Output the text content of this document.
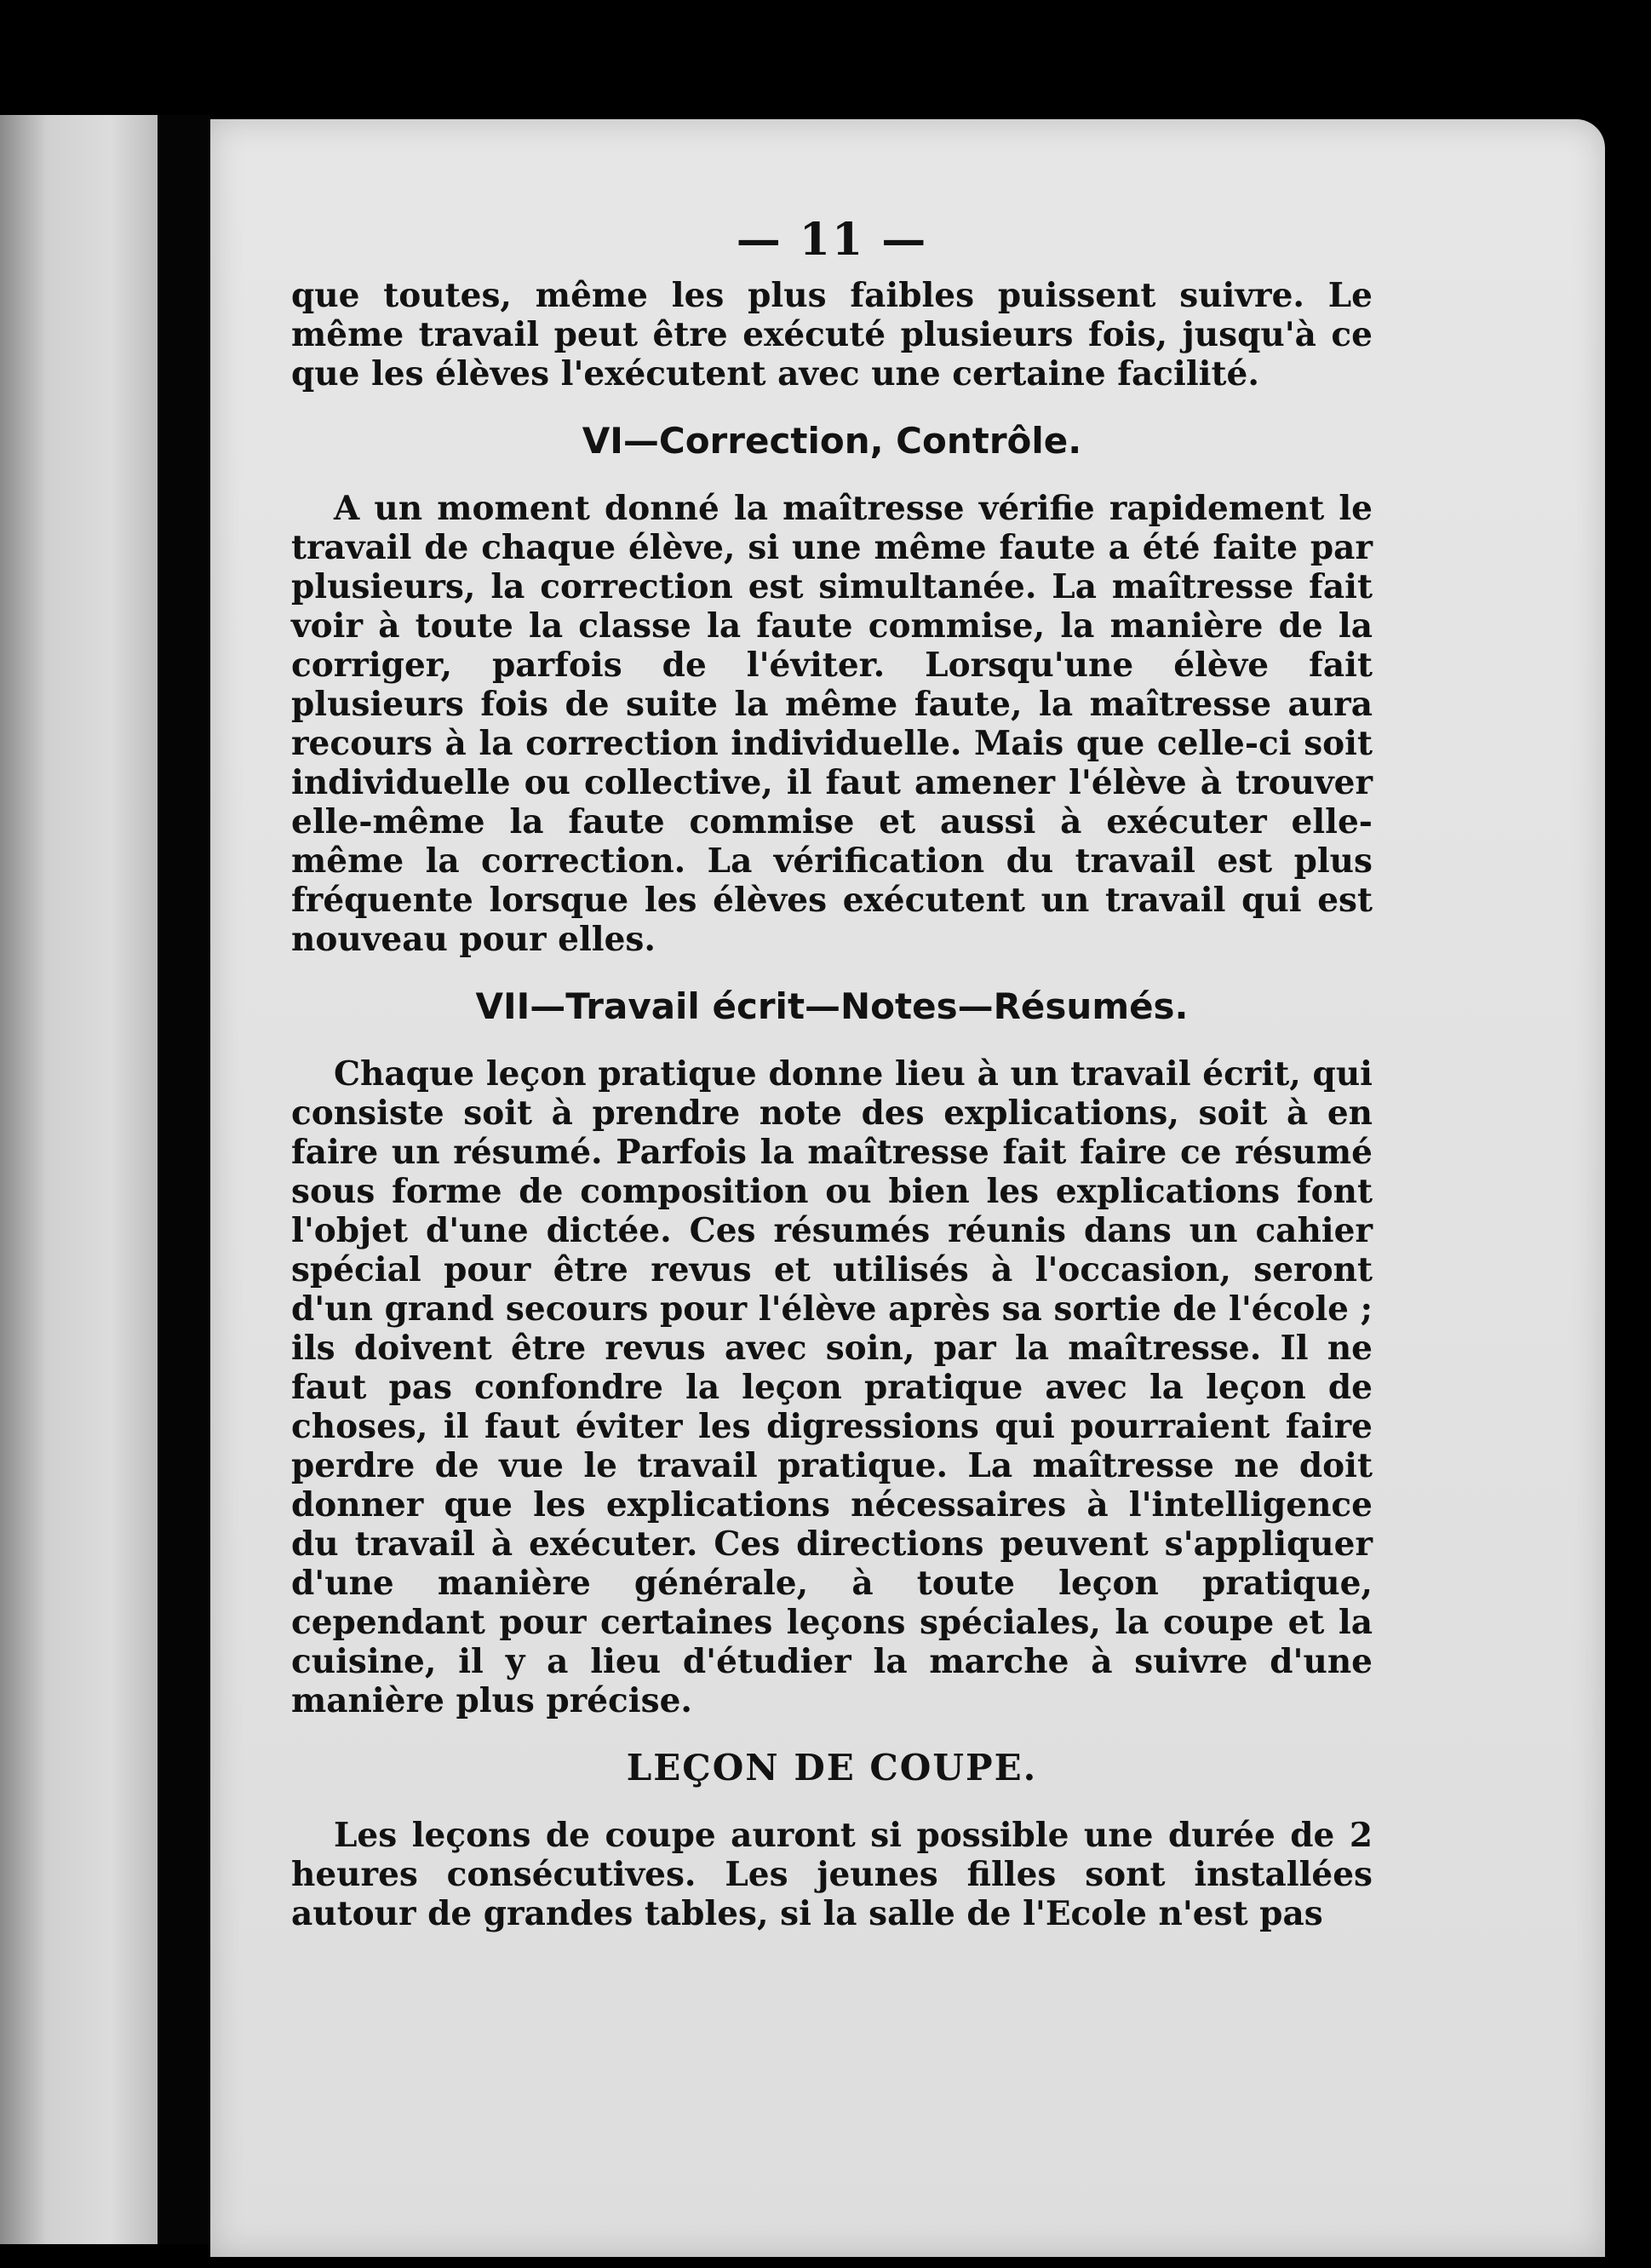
— 11 —

que toutes, même les plus faibles puissent suivre. Le même travail peut être exécuté plusieurs fois, jusqu'à ce que les élèves l'exécutent avec une certaine facilité.

VI—Correction, Contrôle.

A un moment donné la maîtresse vérifie rapidement le travail de chaque élève, si une même faute a été faite par plusieurs, la correction est simultanée. La maîtresse fait voir à toute la classe la faute commise, la manière de la corriger, parfois de l'éviter. Lorsqu'une élève fait plusieurs fois de suite la même faute, la maîtresse aura recours à la correction individuelle. Mais que celle-ci soit individuelle ou collective, il faut amener l'élève à trouver elle-même la faute commise et aussi à exécuter elle-même la correction. La vérification du travail est plus fréquente lorsque les élèves exécutent un travail qui est nouveau pour elles.

VII—Travail écrit—Notes—Résumés.

Chaque leçon pratique donne lieu à un travail écrit, qui consiste soit à prendre note des explications, soit à en faire un résumé. Parfois la maîtresse fait faire ce résumé sous forme de composition ou bien les explications font l'objet d'une dictée. Ces résumés réunis dans un cahier spécial pour être revus et utilisés à l'occasion, seront d'un grand secours pour l'élève après sa sortie de l'école ; ils doivent être revus avec soin, par la maîtresse. Il ne faut pas confondre la leçon pratique avec la leçon de choses, il faut éviter les digressions qui pourraient faire perdre de vue le travail pratique. La maîtresse ne doit donner que les explications nécessaires à l'intelligence du travail à exécuter. Ces directions peuvent s'appliquer d'une manière générale, à toute leçon pratique, cependant pour certaines leçons spéciales, la coupe et la cuisine, il y a lieu d'étudier la marche à suivre d'une manière plus précise.

LEÇON DE COUPE.

Les leçons de coupe auront si possible une durée de 2 heures consécutives. Les jeunes filles sont installées autour de grandes tables, si la salle de l'Ecole n'est pas
